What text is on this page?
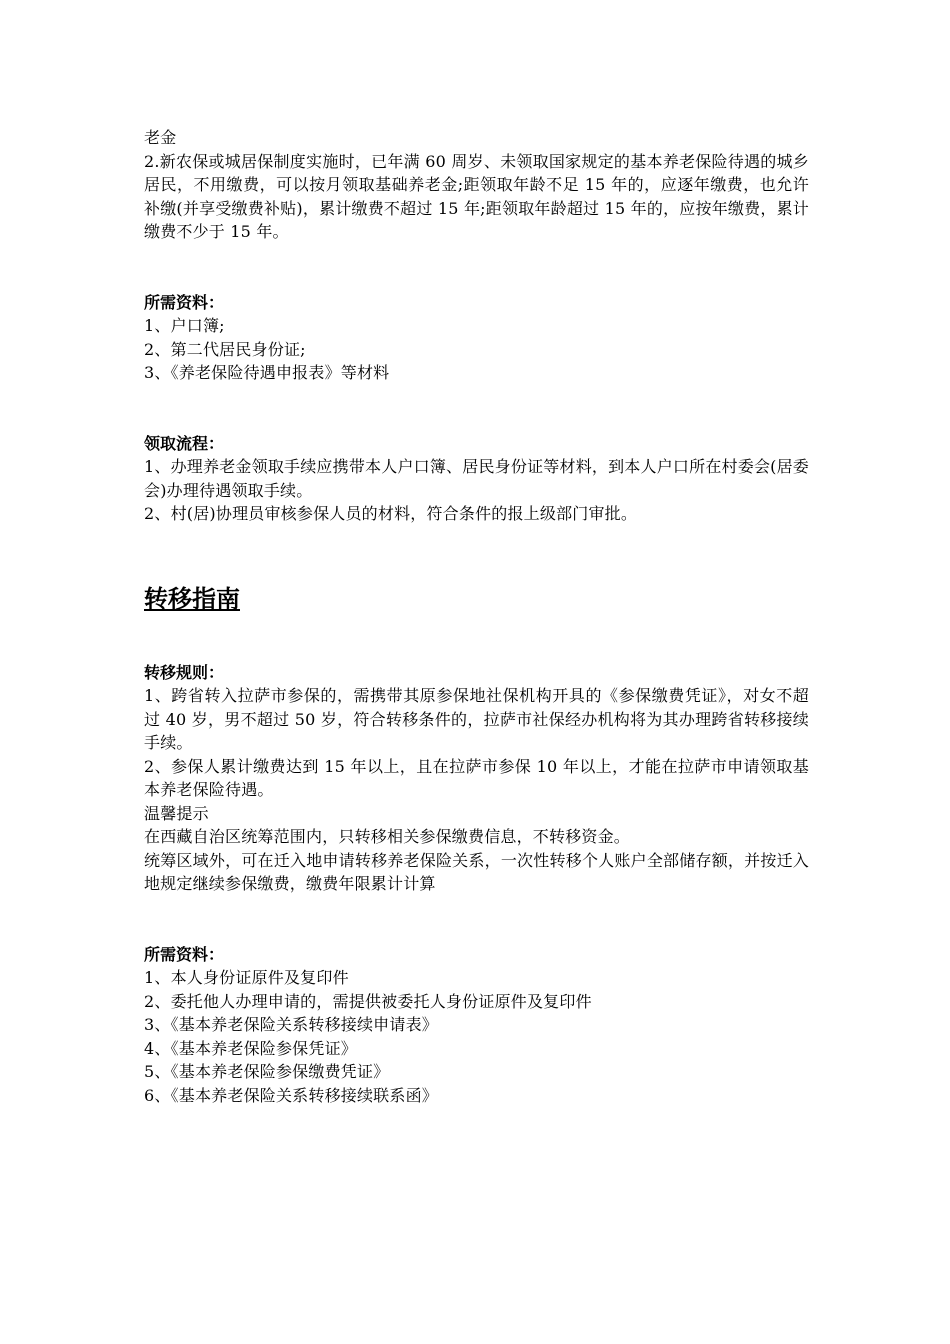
老金

2.新农保或城居保制度实施时，已年满 60 周岁、未领取国家规定的基本养老保险待遇的城乡居民，不用缴费，可以按月领取基础养老金;距领取年龄不足 15 年的，应逐年缴费，也允许补缴(并享受缴费补贴)，累计缴费不超过 15 年;距领取年龄超过 15 年的，应按年缴费，累计缴费不少于 15 年。

所需资料：

1、户口簿;

2、第二代居民身份证;

3、《养老保险待遇申报表》等材料

领取流程：

1、办理养老金领取手续应携带本人户口簿、居民身份证等材料，到本人户口所在村委会(居委会)办理待遇领取手续。

2、村(居)协理员审核参保人员的材料，符合条件的报上级部门审批。

转移指南

转移规则：

1、跨省转入拉萨市参保的，需携带其原参保地社保机构开具的《参保缴费凭证》，对女不超过 40 岁，男不超过 50 岁，符合转移条件的，拉萨市社保经办机构将为其办理跨省转移接续手续。

2、参保人累计缴费达到 15 年以上，且在拉萨市参保 10 年以上，才能在拉萨市申请领取基本养老保险待遇。

温馨提示

在西藏自治区统筹范围内，只转移相关参保缴费信息，不转移资金。

统筹区域外，可在迁入地申请转移养老保险关系，一次性转移个人账户全部储存额，并按迁入地规定继续参保缴费，缴费年限累计计算

所需资料：

1、本人身份证原件及复印件

2、委托他人办理申请的，需提供被委托人身份证原件及复印件

3、《基本养老保险关系转移接续申请表》

4、《基本养老保险参保凭证》

5、《基本养老保险参保缴费凭证》

6、《基本养老保险关系转移接续联系函》
